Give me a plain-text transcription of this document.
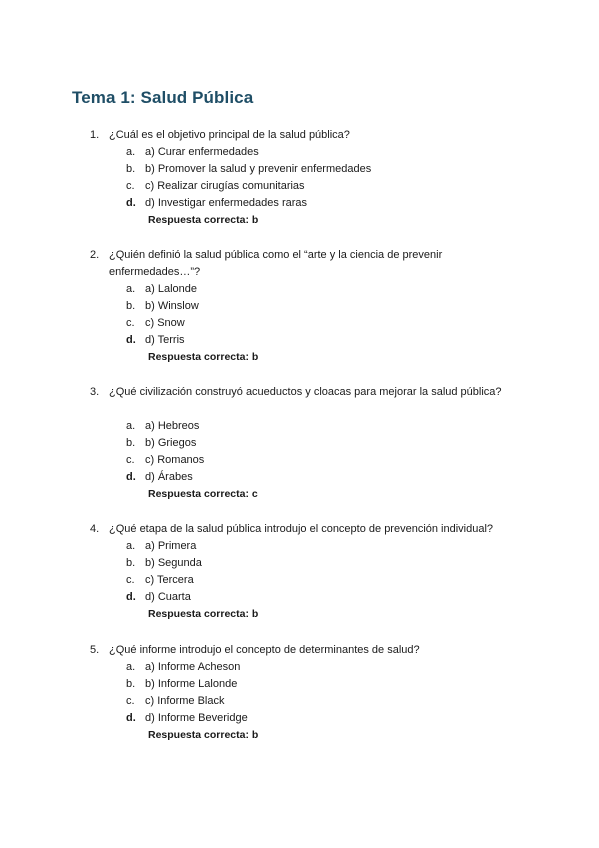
Tema 1: Salud Pública
1. ¿Cuál es el objetivo principal de la salud pública?
a. a) Curar enfermedades
b. b) Promover la salud y prevenir enfermedades
c. c) Realizar cirugías comunitarias
d. d) Investigar enfermedades raras
Respuesta correcta: b
2. ¿Quién definió la salud pública como el “arte y la ciencia de prevenir enfermedades…”?
a. a) Lalonde
b. b) Winslow
c. c) Snow
d. d) Terris
Respuesta correcta: b
3. ¿Qué civilización construyó acueductos y cloacas para mejorar la salud pública?
a. a) Hebreos
b. b) Griegos
c. c) Romanos
d. d) Árabes
Respuesta correcta: c
4. ¿Qué etapa de la salud pública introdujo el concepto de prevención individual?
a. a) Primera
b. b) Segunda
c. c) Tercera
d. d) Cuarta
Respuesta correcta: b
5. ¿Qué informe introdujo el concepto de determinantes de salud?
a. a) Informe Acheson
b. b) Informe Lalonde
c. c) Informe Black
d. d) Informe Beveridge
Respuesta correcta: b
